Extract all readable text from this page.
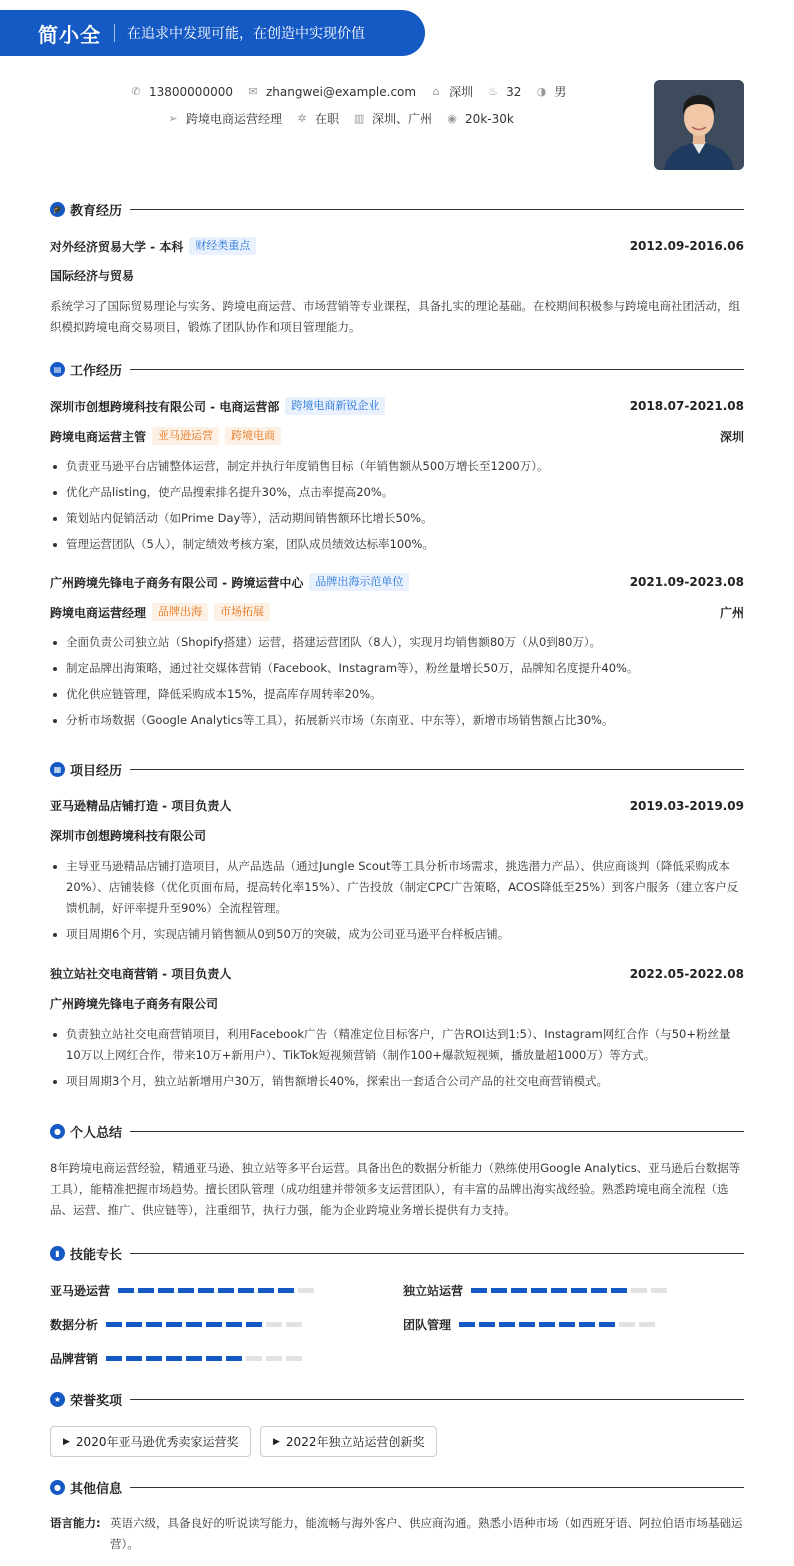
简小全 在追求中发现可能，在创造中实现价值
✆ 13800000000 ✉ zhangwei@example.com ⌂ 深圳 ♨ 32 ◑ 男
➢ 跨境电商运营经理 ✲ 在职 ▥ 深圳、广州 ◉ 20k-30k
🎓 教育经历
对外经济贸易大学 - 本科	财经类重点	2012.09-2016.06
国际经济与贸易
系统学习了国际贸易理论与实务、跨境电商运营、市场营销等专业课程，具备扎实的理论基础。在校期间积极参与跨境电商社团活动，组织模拟跨境电商交易项目，锻炼了团队协作和项目管理能力。
▤ 工作经历
深圳市创想跨境科技有限公司 - 电商运营部	跨境电商新锐企业	2018.07-2021.08
跨境电商运营主管	亚马逊运营	跨境电商	深圳
负责亚马逊平台店铺整体运营，制定并执行年度销售目标（年销售额从500万增长至1200万）。
优化产品listing，使产品搜索排名提升30%，点击率提高20%。
策划站内促销活动（如Prime Day等），活动期间销售额环比增长50%。
管理运营团队（5人），制定绩效考核方案，团队成员绩效达标率100%。
广州跨境先锋电子商务有限公司 - 跨境运营中心	品牌出海示范单位	2021.09-2023.08
跨境电商运营经理	品牌出海	市场拓展	广州
全面负责公司独立站（Shopify搭建）运营，搭建运营团队（8人），实现月均销售额80万（从0到80万）。
制定品牌出海策略，通过社交媒体营销（Facebook、Instagram等），粉丝量增长50万，品牌知名度提升40%。
优化供应链管理，降低采购成本15%，提高库存周转率20%。
分析市场数据（Google Analytics等工具），拓展新兴市场（东南亚、中东等），新增市场销售额占比30%。
▦ 项目经历
亚马逊精品店铺打造 - 项目负责人	2019.03-2019.09
深圳市创想跨境科技有限公司
主导亚马逊精品店铺打造项目，从产品选品（通过Jungle Scout等工具分析市场需求，挑选潜力产品）、供应商谈判（降低采购成本20%）、店铺装修（优化页面布局，提高转化率15%）、广告投放（制定CPC广告策略，ACOS降低至25%）到客户服务（建立客户反馈机制，好评率提升至90%）全流程管理。
项目周期6个月，实现店铺月销售额从0到50万的突破，成为公司亚马逊平台样板店铺。
独立站社交电商营销 - 项目负责人	2022.05-2022.08
广州跨境先锋电子商务有限公司
负责独立站社交电商营销项目，利用Facebook广告（精准定位目标客户，广告ROI达到1:5）、Instagram网红合作（与50+粉丝量10万以上网红合作，带来10万+新用户）、TikTok短视频营销（制作100+爆款短视频，播放量超1000万）等方式。
项目周期3个月，独立站新增用户30万，销售额增长40%，探索出一套适合公司产品的社交电商营销模式。
● 个人总结
8年跨境电商运营经验，精通亚马逊、独立站等多平台运营。具备出色的数据分析能力（熟练使用Google Analytics、亚马逊后台数据等工具），能精准把握市场趋势。擅长团队管理（成功组建并带领多支运营团队），有丰富的品牌出海实战经验。熟悉跨境电商全流程（选品、运营、推广、供应链等），注重细节，执行力强，能为企业跨境业务增长提供有力支持。
▮ 技能专长
亚马逊运营	独立站运营
数据分析	团队管理
品牌营销
★ 荣誉奖项
▶ 2020年亚马逊优秀卖家运营奖	▶ 2022年独立站运营创新奖
● 其他信息
语言能力: 英语六级，具备良好的听说读写能力，能流畅与海外客户、供应商沟通。熟悉小语种市场（如西班牙语、阿拉伯语市场基础运营）。
